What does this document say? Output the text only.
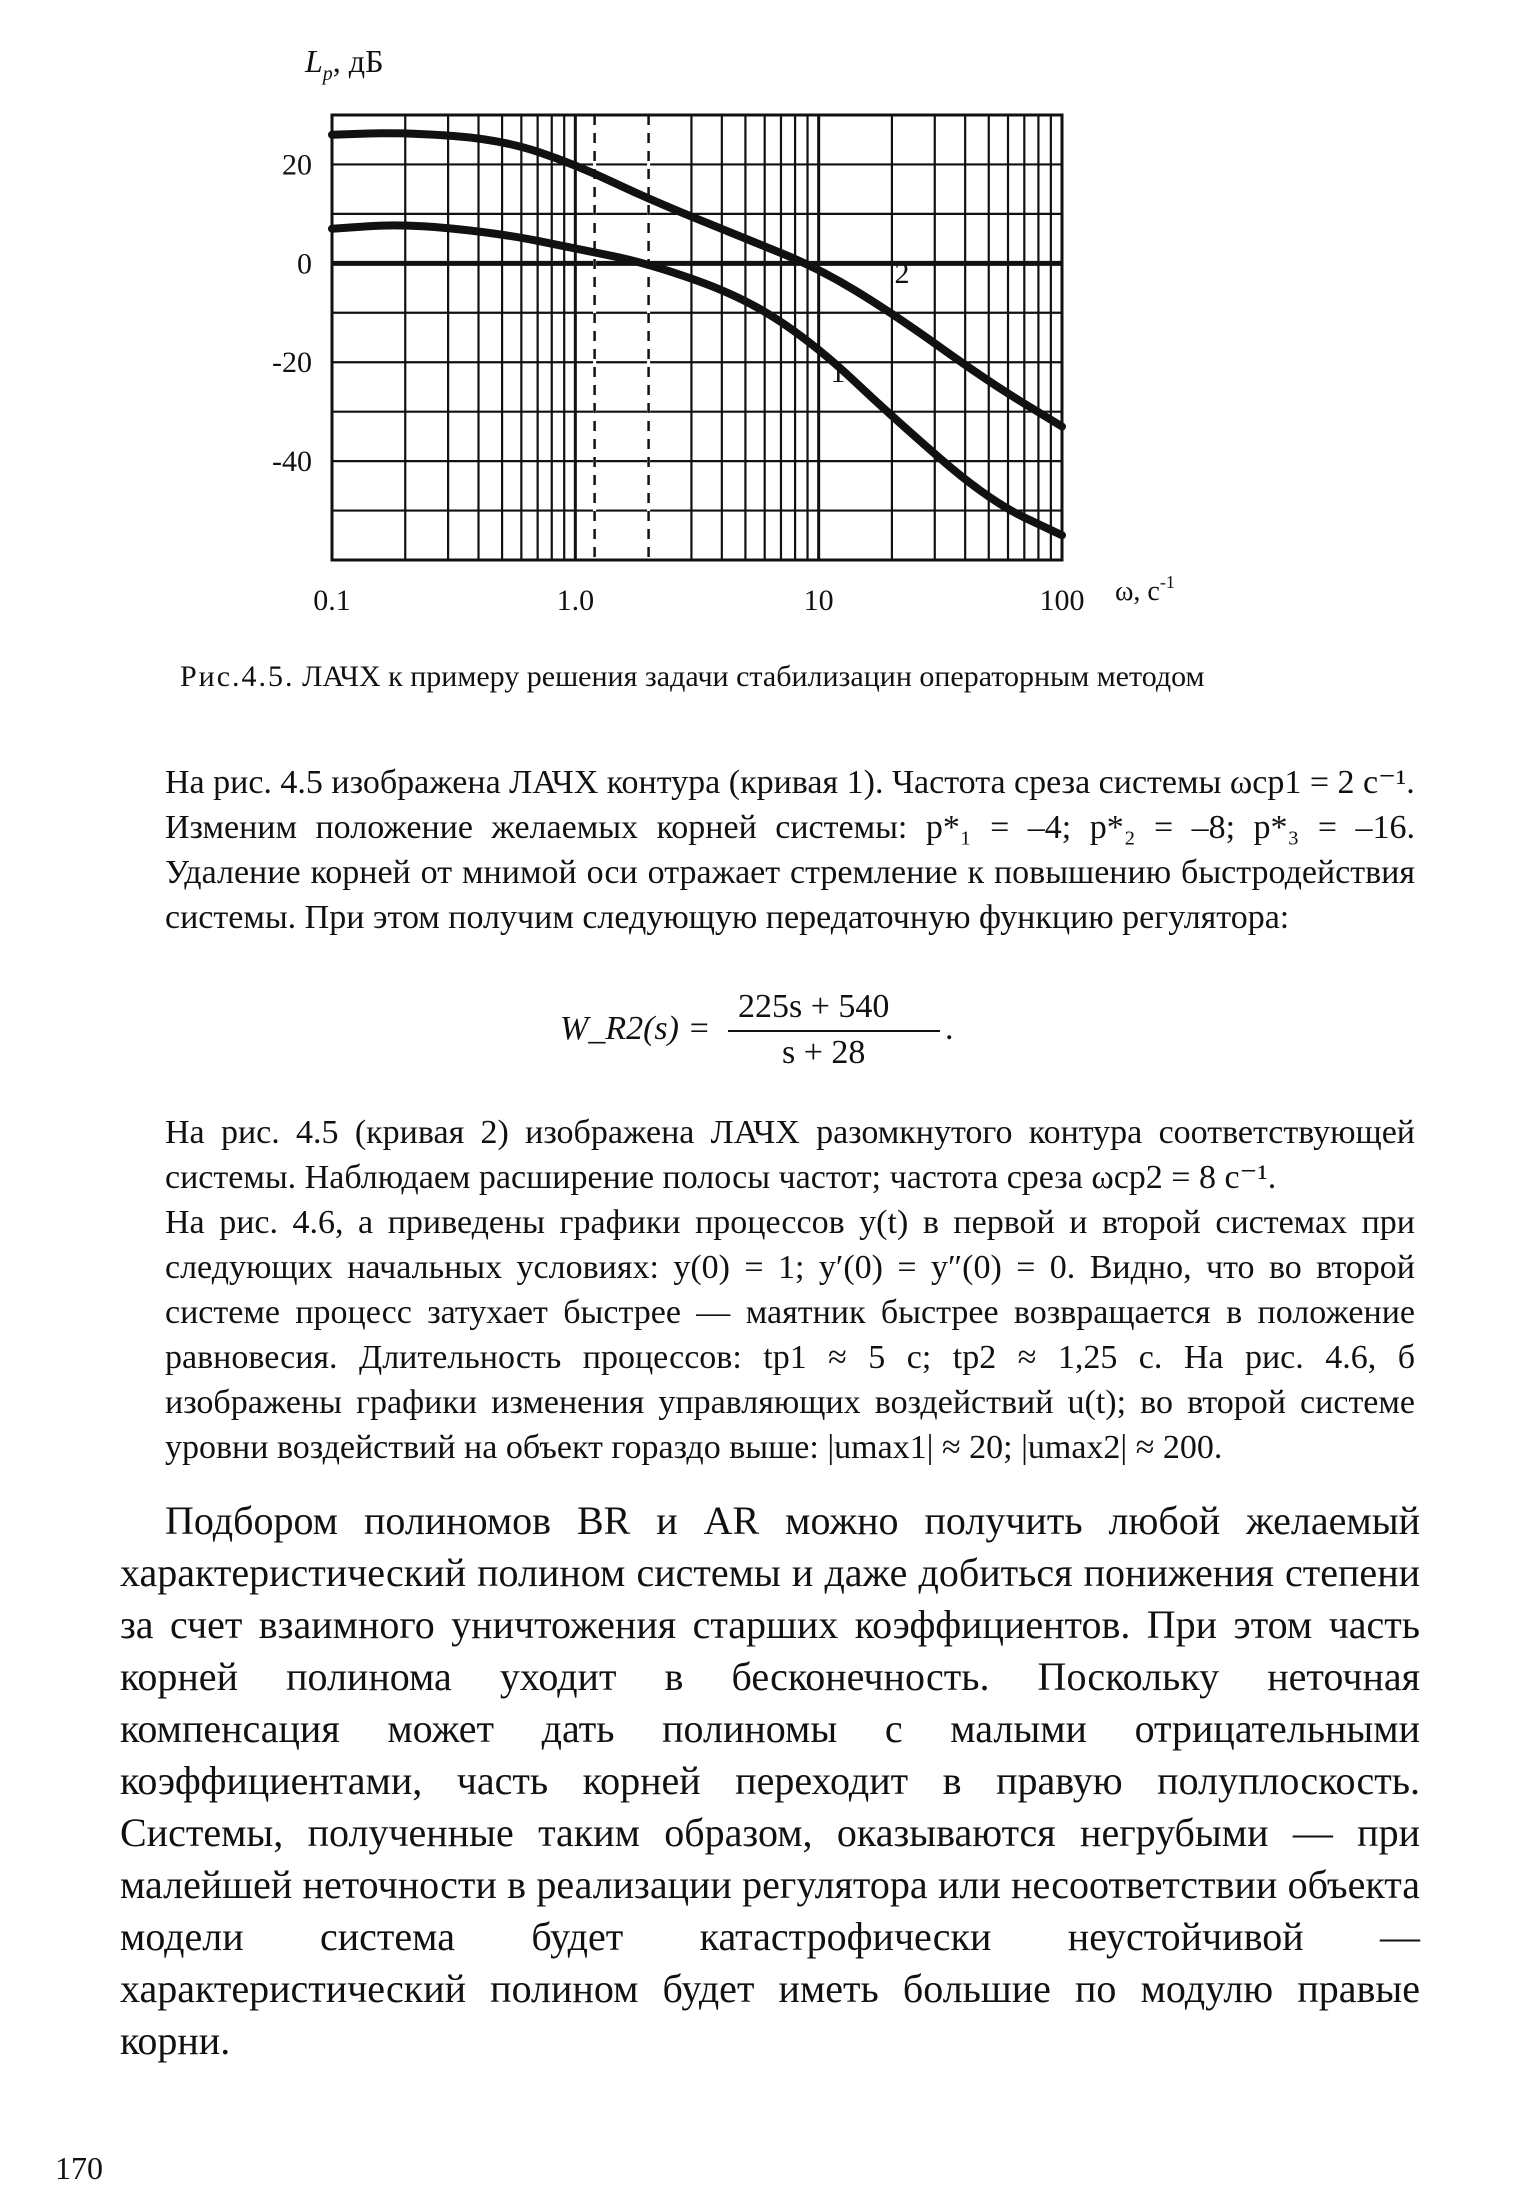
1
2
0.1	1.0	10	100
20
0
-20
-40
$L_p$, дБ
ω, $с^{-1}$
Рис.4.5. ЛАЧХ к примеру решения задачи стабилизацин операторным методом

На рис. 4.5 изображена ЛАЧХ контура (кривая 1). Частота среза системы ωср1 = 2 с⁻¹.

Изменим положение желаемых корней системы: p*₁ = –4; p*₂ = –8; p*₃ = –16. Удаление корней от мнимой оси отражает стремление к повышению быстродействия системы. При этом получим следующую передаточную функцию регулятора:

W_R2(s) =
225s + 540
s + 28
.

На рис. 4.5 (кривая 2) изображена ЛАЧХ разомкнутого контура соответствующей системы. Наблюдаем расширение полосы частот; частота среза ωср2 = 8 с⁻¹.

На рис. 4.6, а приведены графики процессов y(t) в первой и второй системах при следующих начальных условиях: y(0) = 1; y′(0) = y″(0) = 0. Видно, что во второй системе процесс затухает быстрее — маятник быстрее возвращается в положение равновесия. Длительность процессов: tр1 ≈ 5 с; tр2 ≈ 1,25 с. На рис. 4.6, б изображены графики изменения управляющих воздействий u(t); во второй системе уровни воздействий на объект гораздо выше: |umax1| ≈ 20; |umax2| ≈ 200.

Подбором полиномов BR и AR можно получить любой желаемый характеристический полином системы и даже добиться понижения степени за счет взаимного уничтожения старших коэффициентов. При этом часть корней полинома уходит в бесконечность. Поскольку неточная компенсация может дать полиномы с малыми отрицательными коэффициентами, часть корней переходит в правую полуплоскость. Системы, полученные таким образом, оказываются негрубыми — при малейшей неточности в реализации регулятора или несоответствии объекта модели система будет катастрофически неустойчивой — характеристический полином будет иметь большие по модулю правые корни.

170
